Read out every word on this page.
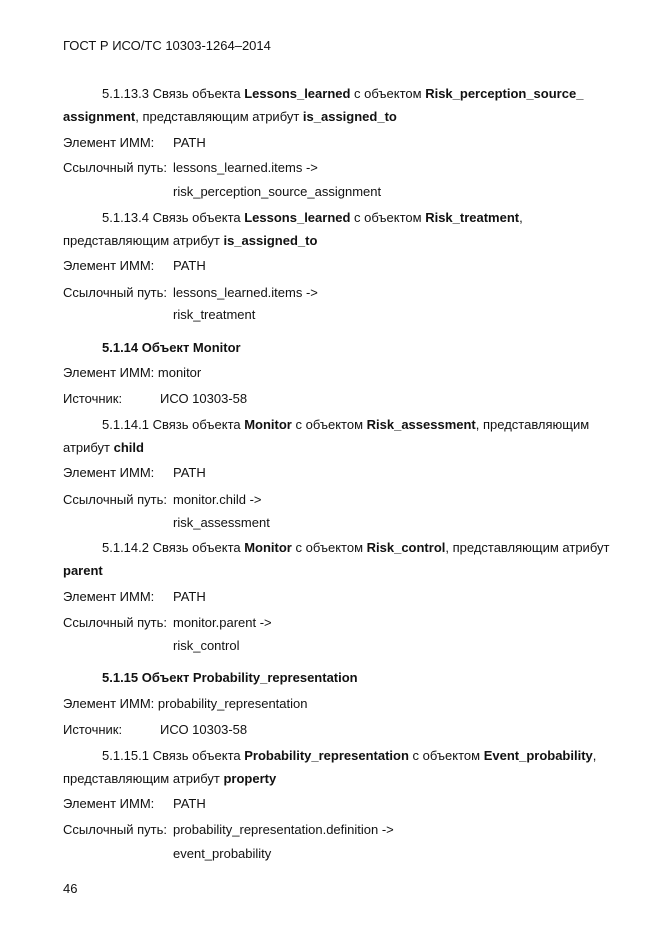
ГОСТ Р ИСО/ТС 10303-1264–2014
5.1.13.3 Связь объекта Lessons_learned с объектом Risk_perception_source_
assignment, представляющим атрибут is_assigned_to
Элемент ИММ: PATH
Ссылочный путь: lessons_learned.items ->
risk_perception_source_assignment
5.1.13.4 Связь объекта Lessons_learned с объектом Risk_treatment,
представляющим атрибут is_assigned_to
Элемент ИММ: PATH
Ссылочный путь: lessons_learned.items ->
risk_treatment
5.1.14 Объект Monitor
Элемент ИММ: monitor
Источник:	ИСО 10303-58
5.1.14.1 Связь объекта Monitor с объектом Risk_assessment, представляющим
атрибут child
Элемент ИММ: PATH
Ссылочный путь: monitor.child ->
risk_assessment
5.1.14.2 Связь объекта Monitor с объектом Risk_control, представляющим атрибут
parent
Элемент ИММ: PATH
Ссылочный путь: monitor.parent ->
risk_control
5.1.15 Объект Probability_representation
Элемент ИММ: probability_representation
Источник:	ИСО 10303-58
5.1.15.1 Связь объекта Probability_representation с объектом Event_probability,
представляющим атрибут property
Элемент ИММ: PATH
Ссылочный путь: probability_representation.definition ->
event_probability
46
